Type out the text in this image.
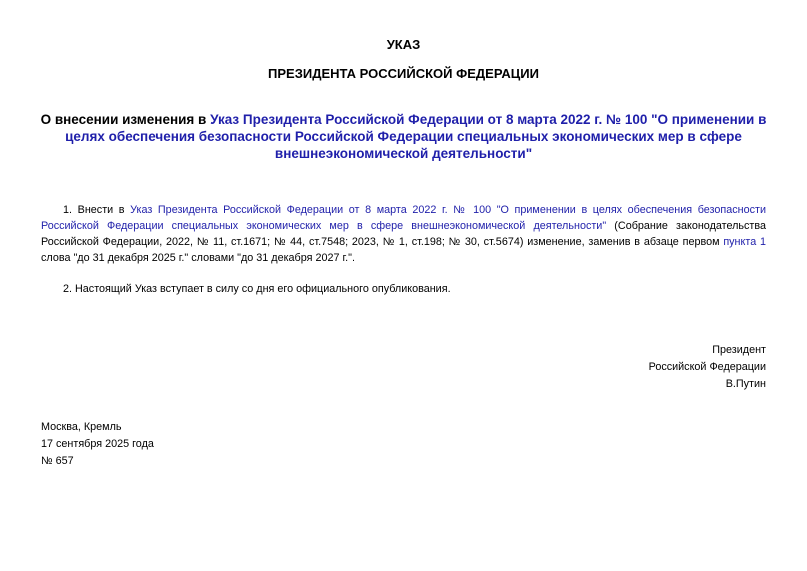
УКАЗ
ПРЕЗИДЕНТА РОССИЙСКОЙ ФЕДЕРАЦИИ
О внесении изменения в Указ Президента Российской Федерации от 8 марта 2022 г. № 100 "О применении в целях обеспечения безопасности Российской Федерации специальных экономических мер в сфере внешнеэкономической деятельности"
1. Внести в Указ Президента Российской Федерации от 8 марта 2022 г. № 100 "О применении в целях обеспечения безопасности Российской Федерации специальных экономических мер в сфере внешнеэкономической деятельности" (Собрание законодательства Российской Федерации, 2022, № 11, ст.1671; № 44, ст.7548; 2023, № 1, ст.198; № 30, ст.5674) изменение, заменив в абзаце первом пункта 1 слова "до 31 декабря 2025 г." словами "до 31 декабря 2027 г.".
2. Настоящий Указ вступает в силу со дня его официального опубликования.
Президент
Российской Федерации
В.Путин
Москва, Кремль
17 сентября 2025 года
№ 657
